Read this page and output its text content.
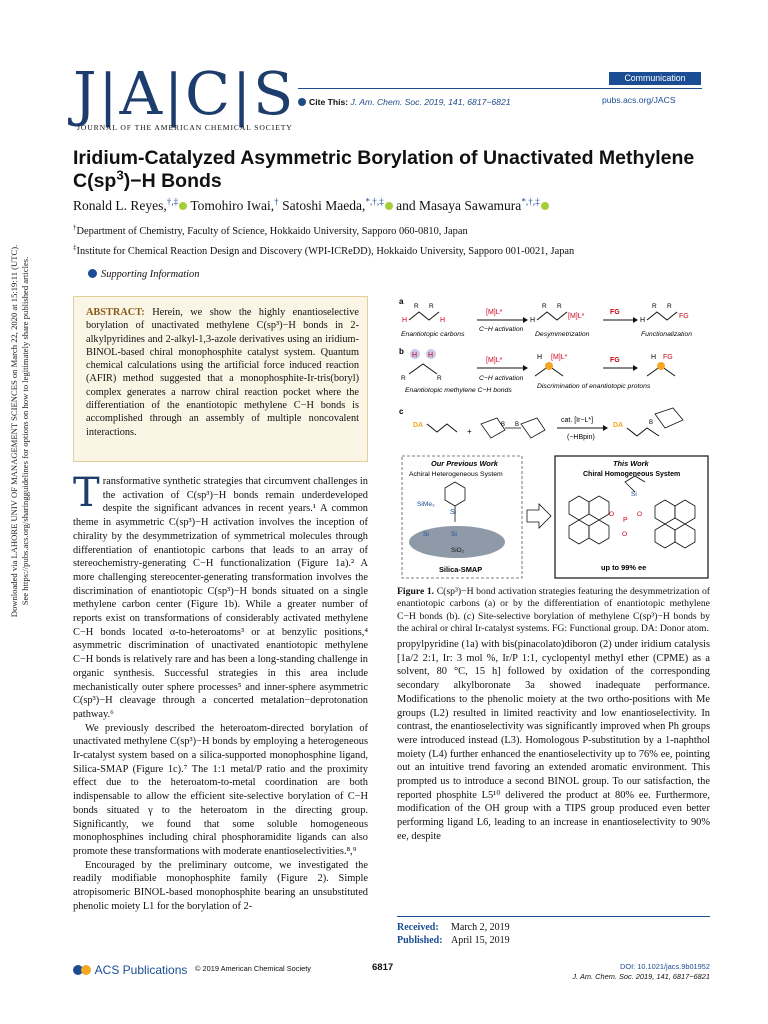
Downloaded via LAHORE UNIV OF MANAGEMENT SCIENCES on March 22, 2020 at 15:19:11 (UTC). See https://pubs.acs.org/sharingguidelines for options on how to legitimately share published articles.
J|A|C|S
JOURNAL OF THE AMERICAN CHEMICAL SOCIETY
Communication
Cite This: J. Am. Chem. Soc. 2019, 141, 6817−6821	pubs.acs.org/JACS
Iridium-Catalyzed Asymmetric Borylation of Unactivated Methylene
$C(sp^3)-H$ Bonds
Ronald L. Reyes,†,‡ Tomohiro Iwai,† Satoshi Maeda,*,†,‡ and Masaya Sawamura*,†,‡
†Department of Chemistry, Faculty of Science, Hokkaido University, Sapporo 060-0810, Japan
‡Institute for Chemical Reaction Design and Discovery (WPI-ICReDD), Hokkaido University, Sapporo 001-0021, Japan
Supporting Information
ABSTRACT: Herein, we show the highly enantioselective borylation of unactivated methylene C(sp³)−H bonds in 2-alkylpyridines and 2-alkyl-1,3-azole derivatives using an iridium-BINOL-based chiral monophosphite catalyst system. Quantum chemical calculations using the artificial force induced reaction (AFIR) method suggested that a monophosphite-Ir-tris(boryl) complex generates a narrow chiral reaction pocket where the differentiation of the enantiotopic methylene C−H bonds is accomplished through an assembly of multiple noncovalent interactions.
a
R R
H	H
Enantiotopic carbons
[M]L*
C−H activation
R R
H
[M]L*
Desymmetrization
FG
R R
H
FG
Functionalization
b H H
R	R
Enantiotopic methylene C−H bonds
[M]L*
C−H activation
H [M]L*
Discrimination of enantiotopic protons
FG	H FG
c
DA
+
B B
cat. [Ir−L*]
(−HBpin)
DA	B
Our Previous Work
Achiral Heterogeneous System
Si
SiMe₃
Si	Si
SiO₂
Silica-SMAP
This Work
Chiral Homogeneous System
P
O	O
O
Si
up to 99% ee
Figure 1. C(sp³)−H bond activation strategies featuring the desymmetrization of enantiotopic carbons (a) or by the differentiation of enantiotopic methylene C−H bonds (b). (c) Site-selective borylation of methylene C(sp³)−H bonds by the achiral or chiral Ir-catalyst systems. FG: Functional group. DA: Donor atom.

Transformative synthetic strategies that circumvent challenges in the activation of C(sp³)−H bonds remain underdeveloped despite the significant advances in recent years.¹ A common theme in asymmetric C(sp³)−H activation involves the inception of chirality by the desymmetrization of symmetrical molecules through differentiation of enantiotopic carbons that leads to an array of stereochemistry-generating C−H functionalization (Figure 1a).² A more challenging stereocenter-generating transformation involves the discrimination of enantiotopic C(sp³)−H bonds situated on a single methylene carbon center (Figure 1b). While a greater number of reports exist on transformations of considerably activated methylene C−H bonds located α-to-heteroatoms³ or at benzylic positions,⁴ asymmetric discrimination of unactivated enantiotopic methylene C−H bonds is relatively rare and has been a long-standing challenge in organic synthesis. Successful strategies in this area include mechanistically outer sphere processes⁵ and inner-sphere asymmetric C(sp³)−H cleavage through a concerted metalation−deprotonation pathway.⁶

We previously described the heteroatom-directed borylation of unactivated methylene C(sp³)−H bonds by employing a heterogeneous Ir-catalyst system based on a silica-supported monophosphine ligand, Silica-SMAP (Figure 1c).⁷ The 1:1 metal/P ratio and the proximity effect due to the heteroatom-to-metal coordination are both indispensable to allow the efficient site-selective borylation of C−H bonds situated γ to the heteroatom in the directing group. Significantly, we found that some soluble homogeneous monophosphines including chiral phosphoramidite ligands can also promote these transformations with moderate enantioselectivities.⁸,⁹

Encouraged by the preliminary outcome, we investigated the readily modifiable monophosphite family (Figure 2). Simple atropisomeric BINOL-based monophosphite bearing an unsubstituted phenolic moiety L1 for the borylation of 2-

propylpyridine (1a) with bis(pinacolato)diboron (2) under iridium catalysis [1a/2 2:1, Ir: 3 mol %, Ir/P 1:1, cyclopentyl methyl ether (CPME) as a solvent, 80 °C, 15 h] followed by oxidation of the corresponding secondary alkylboronate 3a showed inadequate performance. Modifications to the phenolic moiety at the two ortho-positions with Me groups (L2) resulted in limited reactivity and low enantioselectivity. In contrast, the enantioselectivity was significantly improved when Ph groups were introduced instead (L3). Homologous P-substitution by a 1-naphthol moiety (L4) further enhanced the enantioselectivity up to 76% ee, pointing out an intuitive trend favoring an extended aromatic environment. This prompted us to introduce a second BINOL group. To our satisfaction, the reported phosphite L5¹⁰ delivered the product at 80% ee. Furthermore, modification of the OH group with a TIPS group produced even better performing ligand L6, leading to an increase in enantioselectivity to 90% ee, despite

Received: March 2, 2019
Published: April 15, 2019
ACS Publications © 2019 American Chemical Society	6817	DOI: 10.1021/jacs.9b01952
J. Am. Chem. Soc. 2019, 141, 6817−6821
